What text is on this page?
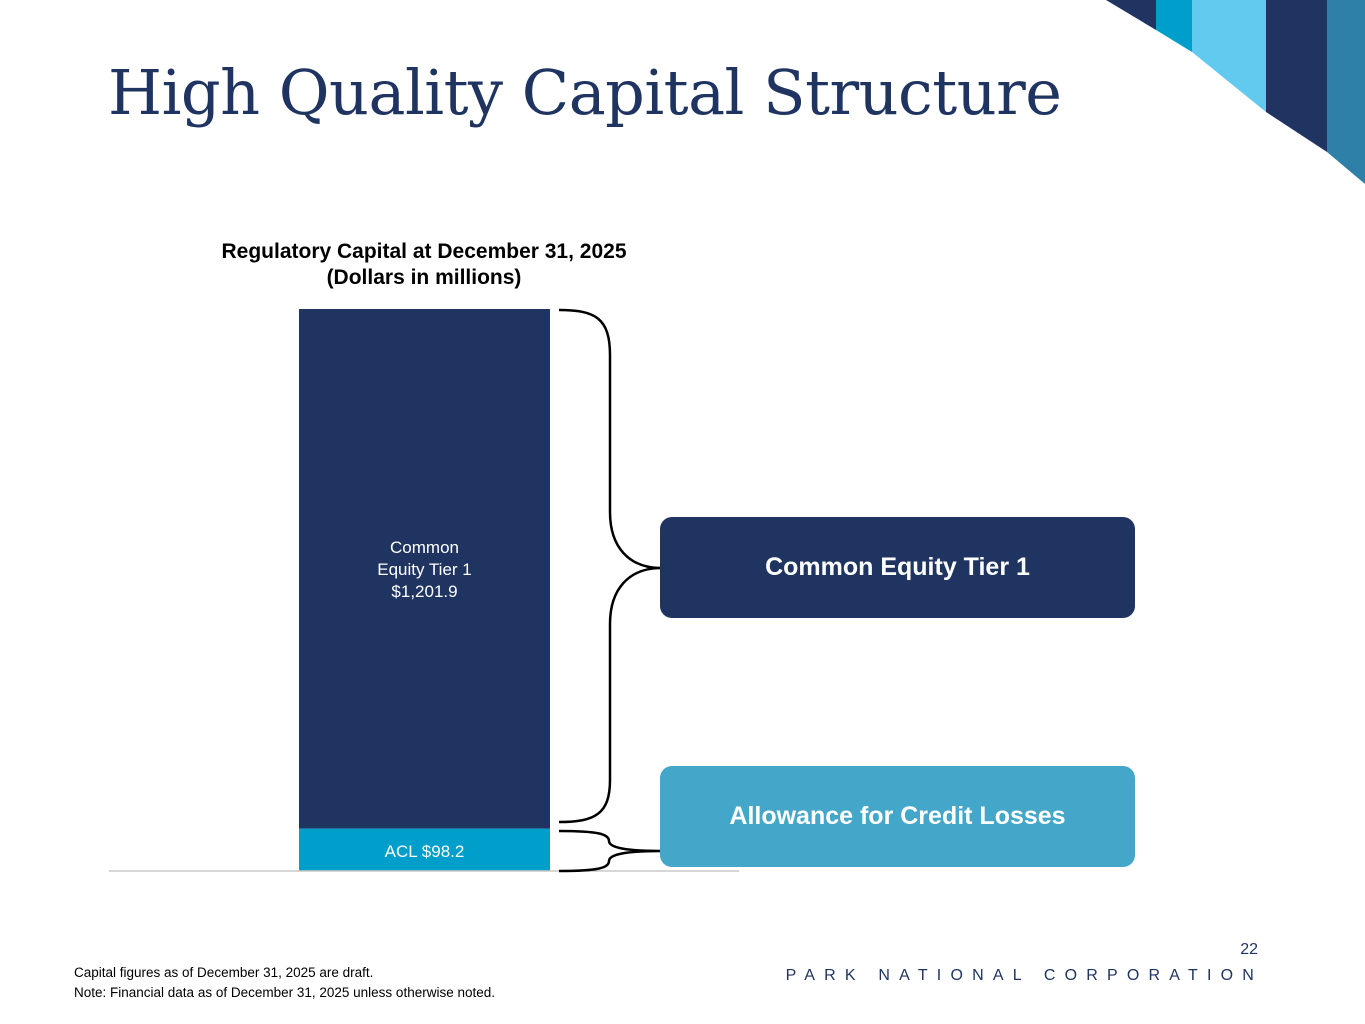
High Quality Capital Structure
Regulatory Capital at December 31, 2025
(Dollars in millions)
Common
Equity Tier 1
$1,201.9
ACL $98.2
Common Equity Tier 1
Allowance for Credit Losses
Capital figures as of December 31, 2025 are draft.
Note: Financial data as of December 31, 2025 unless otherwise noted.
22
PARK NATIONAL CORPORATION
